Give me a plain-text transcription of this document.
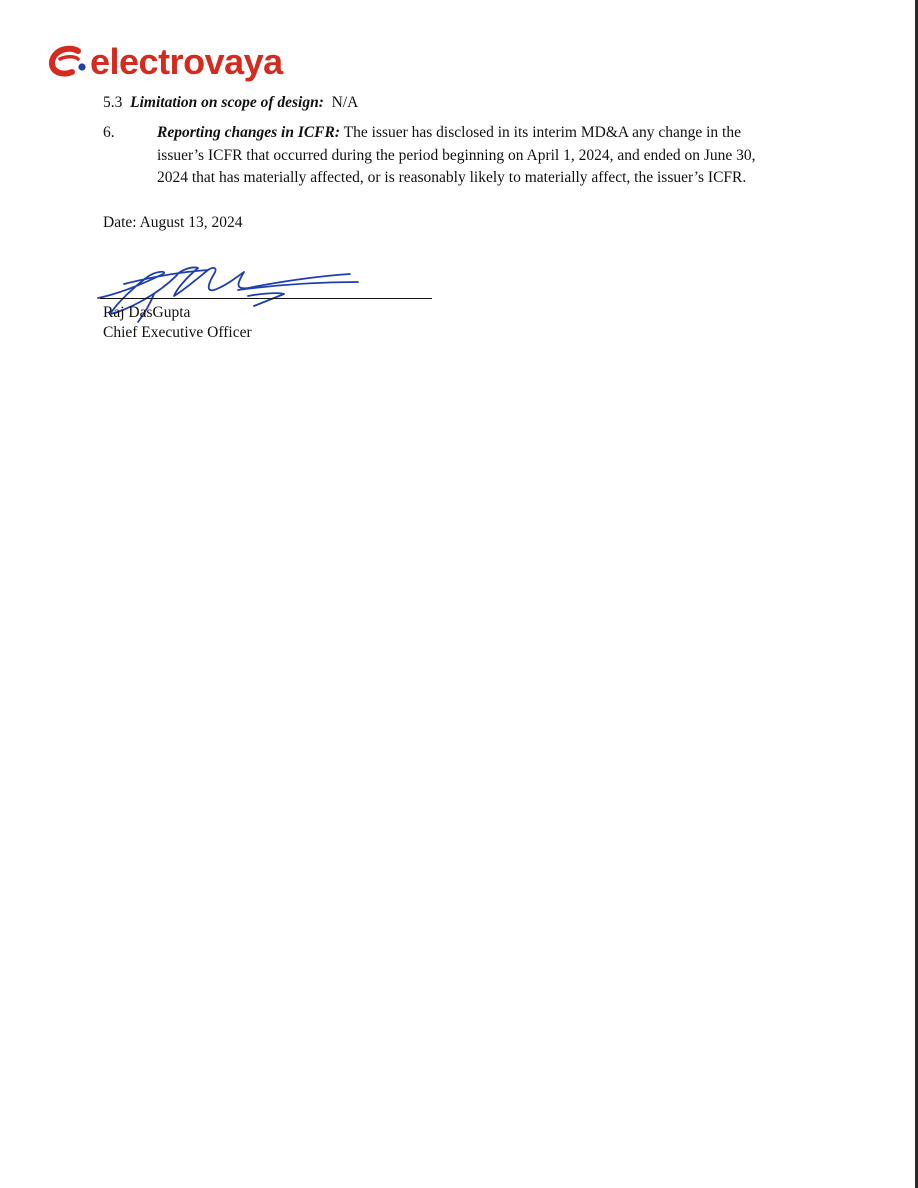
electro vaya
5.3 Limitation on scope of design: N/A
6.	Reporting changes in ICFR: The issuer has disclosed in its interim MD&A any change in the

issuer’s ICFR that occurred during the period beginning on April 1, 2024, and ended on June 30,

2024 that has materially affected, or is reasonably likely to materially affect, the issuer’s ICFR.

Date: August 13, 2024
Raj DasGupta
Chief Executive Officer
